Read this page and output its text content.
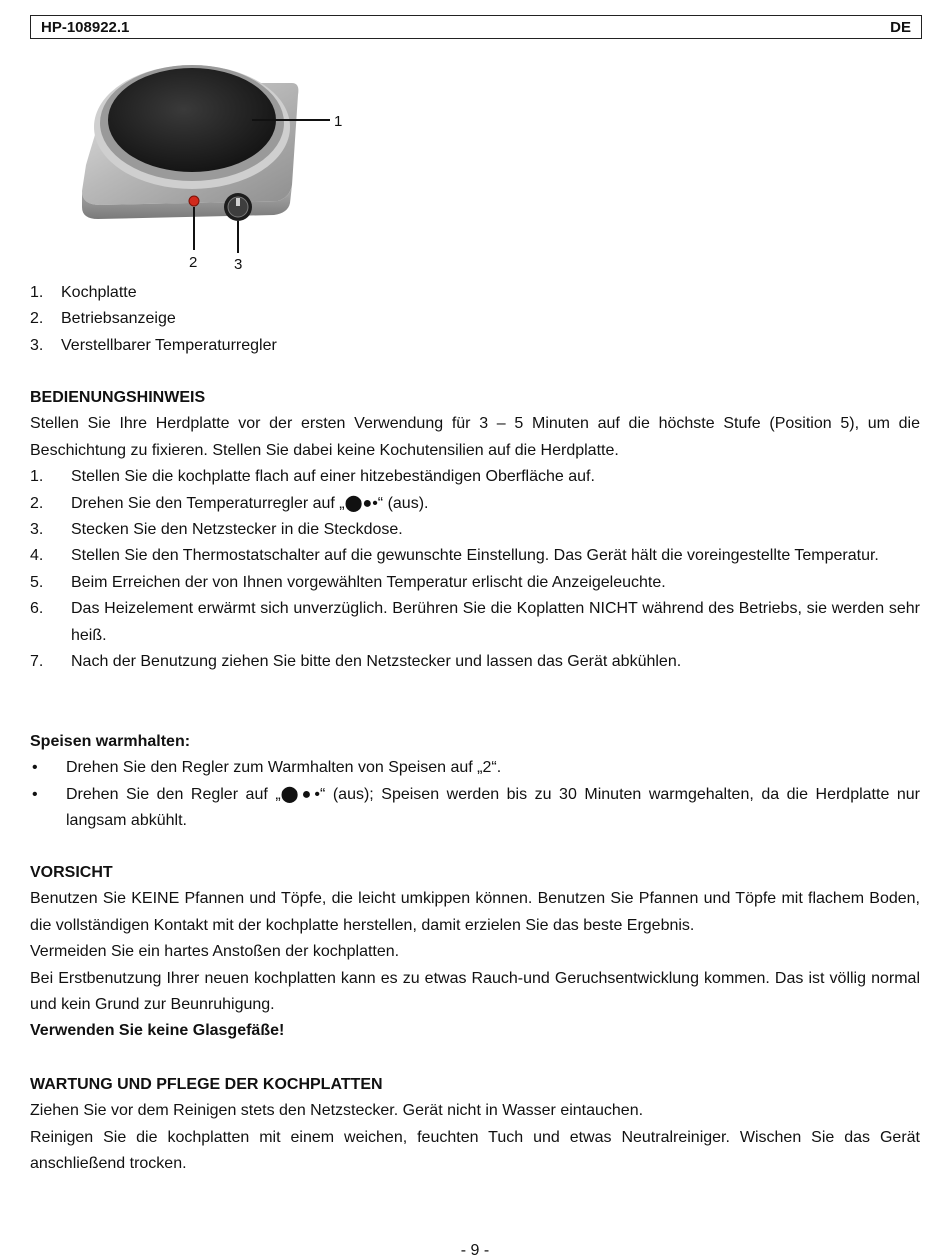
HP-108922.1	DE
1
2 3
1.	Kochplatte
2.	Betriebsanzeige
3.	Verstellbarer Temperaturregler

BEDIENUNGSHINWEIS

Stellen Sie Ihre Herdplatte vor der ersten Verwendung für 3 – 5 Minuten auf die höchste Stufe (Position 5), um die Beschichtung zu fixieren. Stellen Sie dabei keine Kochutensilien auf die Herdplatte.

1.	Stellen Sie die kochplatte flach auf einer hitzebeständigen Oberfläche auf.
2.	Drehen Sie den Temperaturregler auf „⬤●•“ (aus).
3.	Stecken Sie den Netzstecker in die Steckdose.
4.	Stellen Sie den Thermostatschalter auf die gewunschte Einstellung. Das Gerät hält die voreingestellte Temperatur.
5.	Beim Erreichen der von Ihnen vorgewählten Temperatur erlischt die Anzeigeleuchte.
6.	Das Heizelement erwärmt sich unverzüglich. Berühren Sie die Koplatten NICHT während des Betriebs, sie werden sehr heiß.
7.	Nach der Benutzung ziehen Sie bitte den Netzstecker und lassen das Gerät abkühlen.

Speisen warmhalten:

•	Drehen Sie den Regler zum Warmhalten von Speisen auf „2“.
•	Drehen Sie den Regler auf „⬤●•“ (aus); Speisen werden bis zu 30 Minuten warmgehalten, da die Herdplatte nur langsam abkühlt.

VORSICHT

Benutzen Sie KEINE Pfannen und Töpfe, die leicht umkippen können. Benutzen Sie Pfannen und Töpfe mit flachem Boden, die vollständigen Kontakt mit der kochplatte herstellen, damit erzielen Sie das beste Ergebnis.

Vermeiden Sie ein hartes Anstoßen der kochplatten.

Bei Erstbenutzung Ihrer neuen kochplatten kann es zu etwas Rauch-und Geruchsentwicklung kommen. Das ist völlig normal und kein Grund zur Beunruhigung.

Verwenden Sie keine Glasgefäße!

WARTUNG UND PFLEGE DER KOCHPLATTEN

Ziehen Sie vor dem Reinigen stets den Netzstecker. Gerät nicht in Wasser eintauchen.

Reinigen Sie die kochplatten mit einem weichen, feuchten Tuch und etwas Neutralreiniger. Wischen Sie das Gerät anschließend trocken.

- 9 -
